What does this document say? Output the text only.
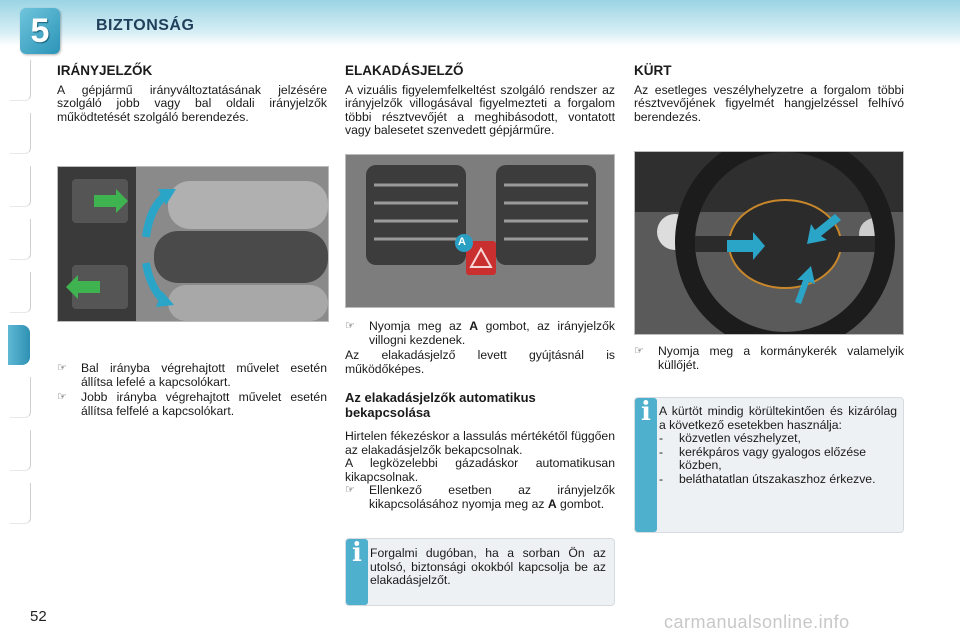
5	BIZTONSÁG
IRÁNYJELZŐK

A gépjármű irányváltoztatásának jelzésére szolgáló jobb vagy bal oldali irányjelzők működtetését szolgáló berendezés.

☞	Bal irányba végrehajtott művelet esetén állítsa lefelé a kapcsolókart.
☞	Jobb irányba végrehajtott művelet esetén állítsa felfelé a kapcsolókart.
ELAKADÁSJELZŐ

A vizuális figyelemfelkeltést szolgáló rendszer az irányjelzők villogásával figyelmezteti a forgalom többi résztvevőjét a meghibásodott, vontatott vagy balesetet szenvedett gépjárműre.

A
☞	Nyomja meg az A gombot, az irányjelzők villogni kezdenek.

Az elakadásjelző levett gyújtásnál is működőképes.

Az elakadásjelzők automatikus bekapcsolása

Hirtelen fékezéskor a lassulás mértékétől függően az elakadásjelzők bekapcsolnak.

A legközelebbi gázadáskor automatikusan kikapcsolnak.

☞	Ellenkező esetben az irányjelzők kikapcsolásához nyomja meg az A gombot.
i Forgalmi dugóban, ha a sorban Ön az utolsó, biztonsági okokból kapcsolja be az elakadásjelzőt.

KÜRT

Az esetleges veszélyhelyzetre a forgalom többi résztvevőjének figyelmét hangjelzéssel felhívó berendezés.

☞	Nyomja meg a kormánykerék valamelyik küllőjét.
i A kürtöt mindig körültekintően és kizárólag a következő esetekben használja:

-	közvetlen vészhelyzet,
-	kerékpáros vagy gyalogos előzése közben,
-	beláthatatlan útszakaszhoz érkezve.
52	carmanualsonline.info
